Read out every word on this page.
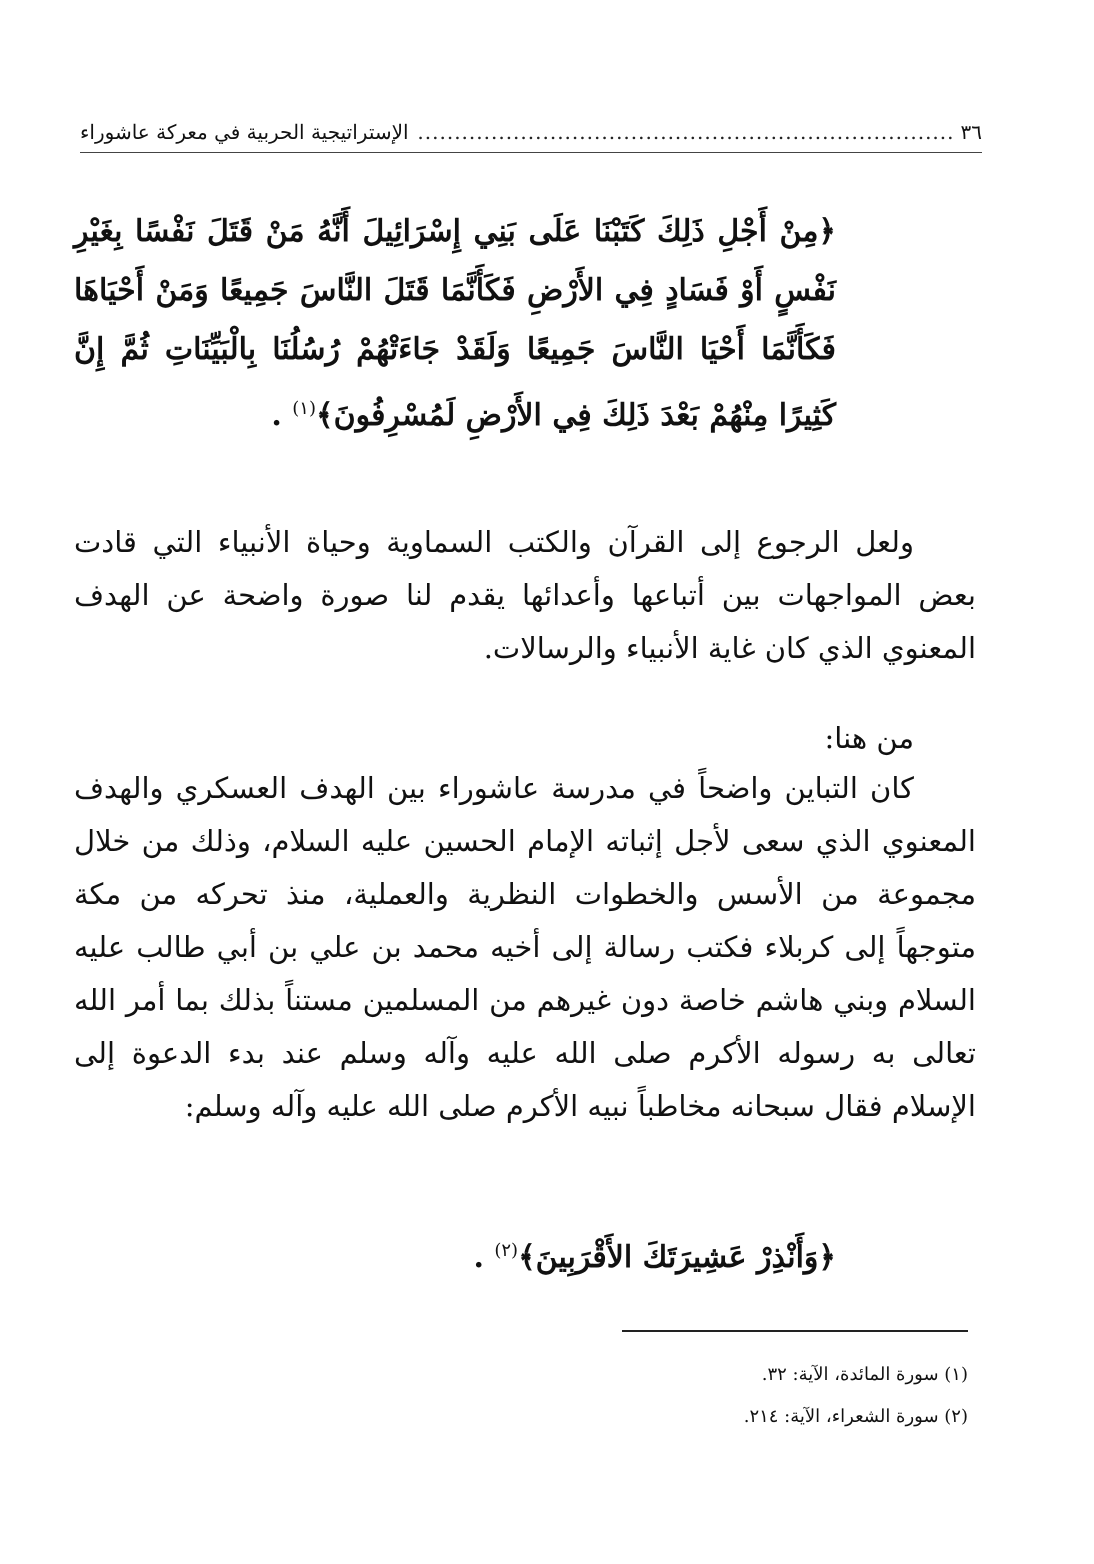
٣٦
.....
الإستراتيجية الحربية في معركة عاشوراء
﴿مِنْ أَجْلِ ذَلِكَ كَتَبْنَا عَلَى بَنِي إِسْرَائِيلَ أَنَّهُ مَنْ قَتَلَ نَفْسًا بِغَيْرِ نَفْسٍ أَوْ فَسَادٍ فِي الأَرْضِ فَكَأَنَّمَا قَتَلَ النَّاسَ جَمِيعًا وَمَنْ أَحْيَاهَا فَكَأَنَّمَا أَحْيَا النَّاسَ جَمِيعًا وَلَقَدْ جَاءَتْهُمْ رُسُلُنَا بِالْبَيِّنَاتِ ثُمَّ إِنَّ كَثِيرًا مِنْهُمْ بَعْدَ ذَلِكَ فِي الأَرْضِ لَمُسْرِفُونَ﴾$^{(١)}$ .

ولعل الرجوع إلى القرآن والكتب السماوية وحياة الأنبياء التي قادت بعض المواجهات بين أتباعها وأعدائها يقدم لنا صورة واضحة عن الهدف المعنوي الذي كان غاية الأنبياء والرسالات.

من هنا:

كان التباين واضحاً في مدرسة عاشوراء بين الهدف العسكري والهدف المعنوي الذي سعى لأجل إثباته الإمام الحسين عليه السلام، وذلك من خلال مجموعة من الأسس والخطوات النظرية والعملية، منذ تحركه من مكة متوجهاً إلى كربلاء فكتب رسالة إلى أخيه محمد بن علي بن أبي طالب عليه السلام وبني هاشم خاصة دون غيرهم من المسلمين مستناً بذلك بما أمر الله تعالى به رسوله الأكرم صلى الله عليه وآله وسلم عند بدء الدعوة إلى الإسلام فقال سبحانه مخاطباً نبيه الأكرم صلى الله عليه وآله وسلم:

﴿وَأَنْذِرْ عَشِيرَتَكَ الأَقْرَبِينَ﴾$^{(٢)}$ .
(١) سورة المائدة، الآية: ٣٢.
(٢) سورة الشعراء، الآية: ٢١٤.
